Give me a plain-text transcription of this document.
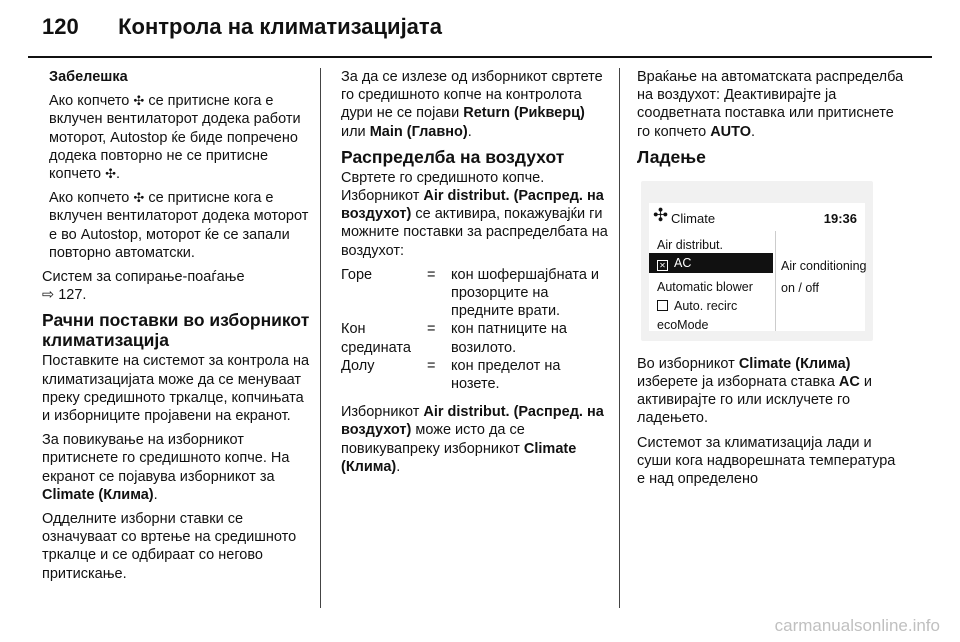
120 Контрола на климатизацијата

Забелешка

Ако копчето ✣ се притисне кога е вклучен вентилаторот додека работи моторот, Autostop ќе биде попречено додека повторно не се притисне копчето ✣.

Ако копчето ✣ се притисне кога е вклучен вентилаторот додека моторот е во Autostop, моторот ќе се запали повторно автоматски.

Систем за сопирање-поаѓање
⇨ 127.

Рачни поставки во изборникот климатизација

Поставките на системот за контрола на климатизацијата може да се менуваат преку средишното тркалце, копчињата и изборниците пројавени на екранот.

За повикување на изборникот притиснете го средишното копче. На екранот се појавува изборникот за Climate (Клима).

Одделните изборни ставки се означуваат со вртење на средишното тркалце и се одбираат со негово притискање.

За да се излезе од изборникот свртете го средишното копче на контролота дури не се појави Return (Риkверц) или Main (Главно).

Распределба на воздухот

Свртете го средишното копче. Изборникот Air distribut. (Распред. на воздухот) се активира, покажувајќи ги можните поставки за распределбата на воздухот:

Горе	=	кон шофершајбната и прозорците на предните врати.
Кон средината	=	кон патниците на возилото.
Долу	=	кон пределот на нозете.

Изборникот Air distribut. (Распред. на воздухот) може исто да се повикувапреку изборникот Climate (Клима).

Враќање на автоматската распределба на воздухот: Деактивирајте ја соодветната поставка или притиснете го копчето AUTO.

Ладење
✣ Climate	19:36
Air distribut.
✕ AC
Automatic blower
Auto. recirc
ecoMode
Air conditioning
on / off

Во изборникот Climate (Клима) изберете ја изборната ставка AC и активирајте го или исклучете го ладењето.

Системот за климатизација лади и суши кога надворешната температура е над определено

carmanualsonline.info
